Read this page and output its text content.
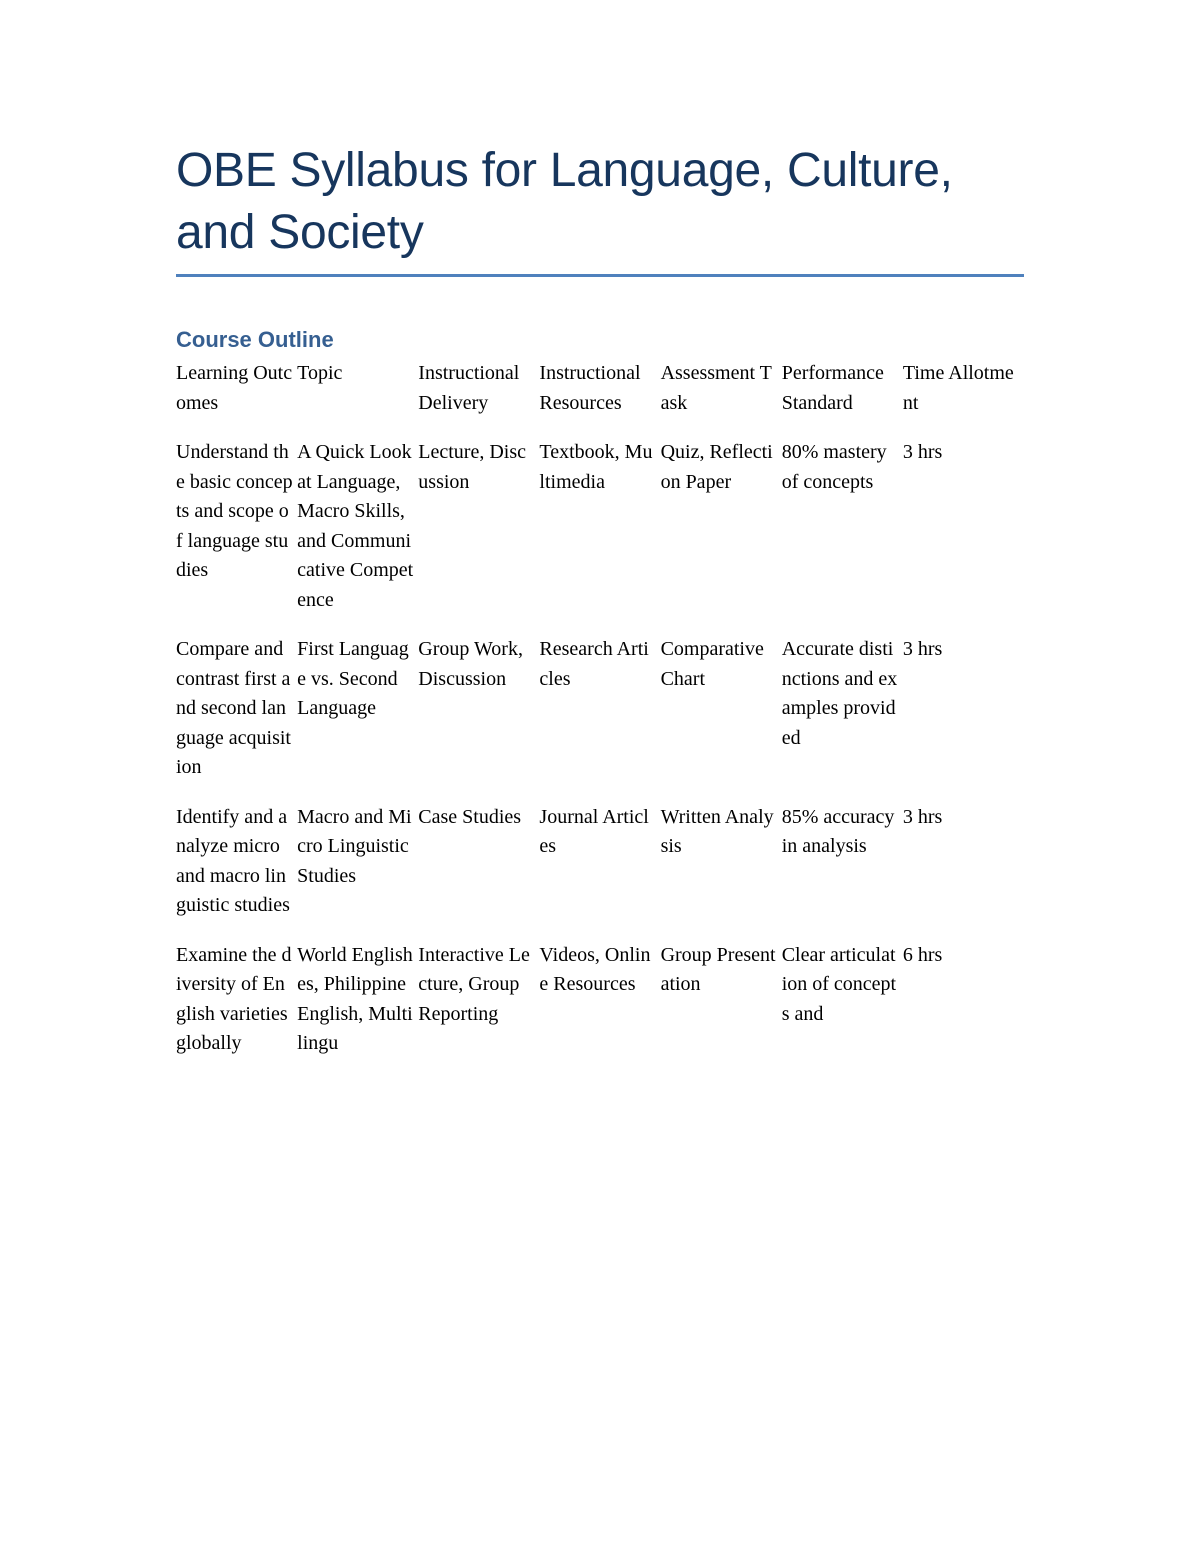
OBE Syllabus for Language, Culture, and Society
Course Outline
Learning Outcomes	Topic	Instructional Delivery	Instructional Resources	Assessment Task	Performance Standard	Time Allotment
Understand the basic concepts and scope of language studies	A Quick Look at Language, Macro Skills, and Communicative Competence	Lecture, Discussion	Textbook, Multimedia	Quiz, Reflection Paper	80% mastery of concepts	3 hrs
Compare and contrast first and second language acquisition	First Language vs. Second Language	Group Work, Discussion	Research Articles	Comparative Chart	Accurate distinctions and examples provided	3 hrs
Identify and analyze micro and macro linguistic studies	Macro and Micro Linguistic Studies	Case Studies	Journal Articles	Written Analysis	85% accuracy in analysis	3 hrs
Examine the diversity of English varieties globally	World Englishes, Philippine English, Multilingu	Interactive Lecture, Group Reporting	Videos, Online Resources	Group Presentation	Clear articulation of concepts and	6 hrs
